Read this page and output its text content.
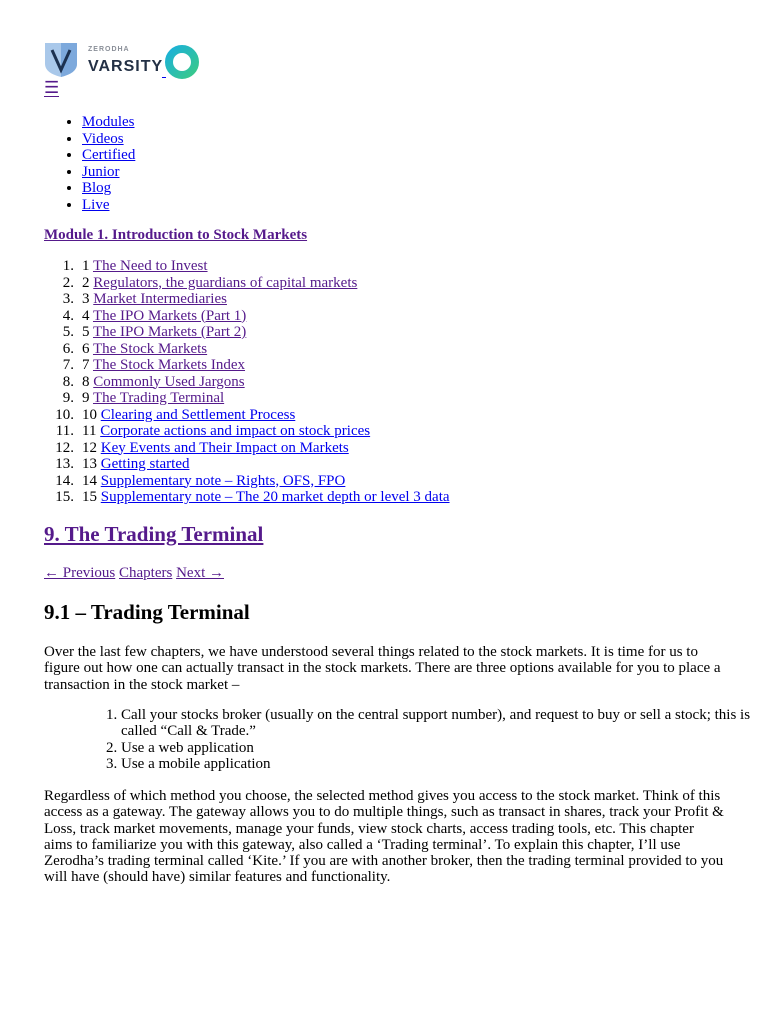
ZERODHA
VARSITY
☰
• Modules
• Videos
• Certified
• Junior
• Blog
• Live
Module 1. Introduction to Stock Markets
1. 1 The Need to Invest
2. 2 Regulators, the guardians of capital markets
3. 3 Market Intermediaries
4. 4 The IPO Markets (Part 1)
5. 5 The IPO Markets (Part 2)
6. 6 The Stock Markets
7. 7 The Stock Markets Index
8. 8 Commonly Used Jargons
9. 9 The Trading Terminal
10. 10 Clearing and Settlement Process
11. 11 Corporate actions and impact on stock prices
12. 12 Key Events and Their Impact on Markets
13. 13 Getting started
14. 14 Supplementary note – Rights, OFS, FPO
15. 15 Supplementary note – The 20 market depth or level 3 data
9. The Trading Terminal
← Previous Chapters Next →
9.1 – Trading Terminal

Over the last few chapters, we have understood several things related to the stock markets. It is time for us to figure out how one can actually transact in the stock markets. There are three options available for you to place a transaction in the stock market –

1. Call your stocks broker (usually on the central support number), and request to buy or sell a stock; this is called “Call & Trade.”
2. Use a web application
3. Use a mobile application

Regardless of which method you choose, the selected method gives you access to the stock market. Think of this access as a gateway. The gateway allows you to do multiple things, such as transact in shares, track your Profit & Loss, track market movements, manage your funds, view stock charts, access trading tools, etc. This chapter aims to familiarize you with this gateway, also called a ‘Trading terminal’. To explain this chapter, I’ll use Zerodha’s trading terminal called ‘Kite.’ If you are with another broker, then the trading terminal provided to you will have (should have) similar features and functionality.
